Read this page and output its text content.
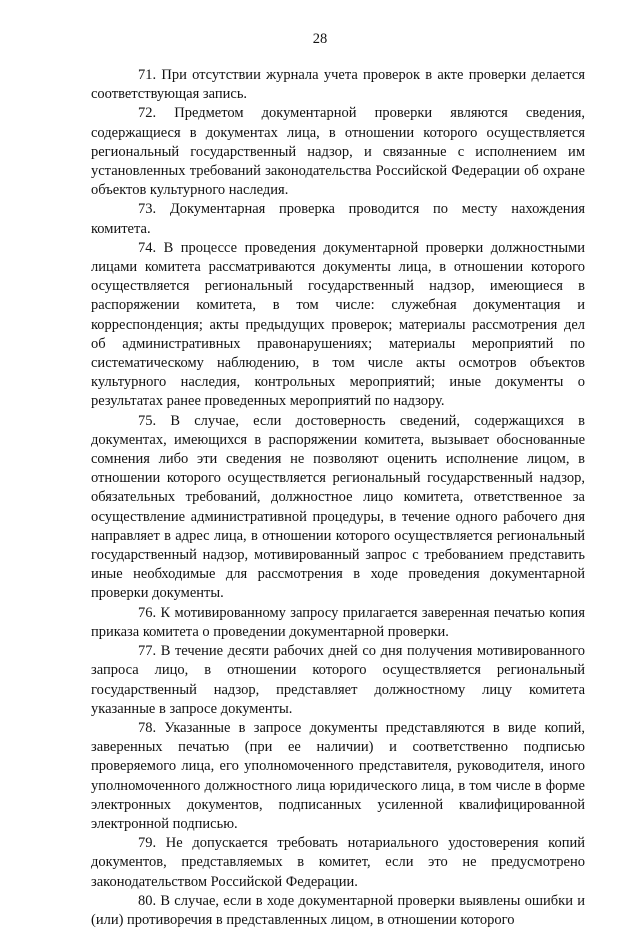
28

71. При отсутствии журнала учета проверок в акте проверки делается соответствующая запись.

72. Предметом документарной проверки являются сведения, содержащиеся в документах лица, в отношении которого осуществляется региональный государственный надзор, и связанные с исполнением им установленных требований законодательства Российской Федерации об охране объектов культурного наследия.

73. Документарная проверка проводится по месту нахождения комитета.

74. В процессе проведения документарной проверки должностными лицами комитета рассматриваются документы лица, в отношении которого осуществляется региональный государственный надзор, имеющиеся в распоряжении комитета, в том числе: служебная документация и корреспонденция; акты предыдущих проверок; материалы рассмотрения дел об административных правонарушениях; материалы мероприятий по систематическому наблюдению, в том числе акты осмотров объектов культурного наследия, контрольных мероприятий; иные документы о результатах ранее проведенных мероприятий по надзору.

75. В случае, если достоверность сведений, содержащихся в документах, имеющихся в распоряжении комитета, вызывает обоснованные сомнения либо эти сведения не позволяют оценить исполнение лицом, в отношении которого осуществляется региональный государственный надзор, обязательных требований, должностное лицо комитета, ответственное за осуществление административной процедуры, в течение одного рабочего дня направляет в адрес лица, в отношении которого осуществляется региональный государственный надзор, мотивированный запрос с требованием представить иные необходимые для рассмотрения в ходе проведения документарной проверки документы.

76. К мотивированному запросу прилагается заверенная печатью копия приказа комитета о проведении документарной проверки.

77. В течение десяти рабочих дней со дня получения мотивированного запроса лицо, в отношении которого осуществляется региональный государственный надзор, представляет должностному лицу комитета указанные в запросе документы.

78. Указанные в запросе документы представляются в виде копий, заверенных печатью (при ее наличии) и соответственно подписью проверяемого лица, его уполномоченного представителя, руководителя, иного уполномоченного должностного лица юридического лица, в том числе в форме электронных документов, подписанных усиленной квалифицированной электронной подписью.

79. Не допускается требовать нотариального удостоверения копий документов, представляемых в комитет, если это не предусмотрено законодательством Российской Федерации.

80. В случае, если в ходе документарной проверки выявлены ошибки и (или) противоречия в представленных лицом, в отношении которого
